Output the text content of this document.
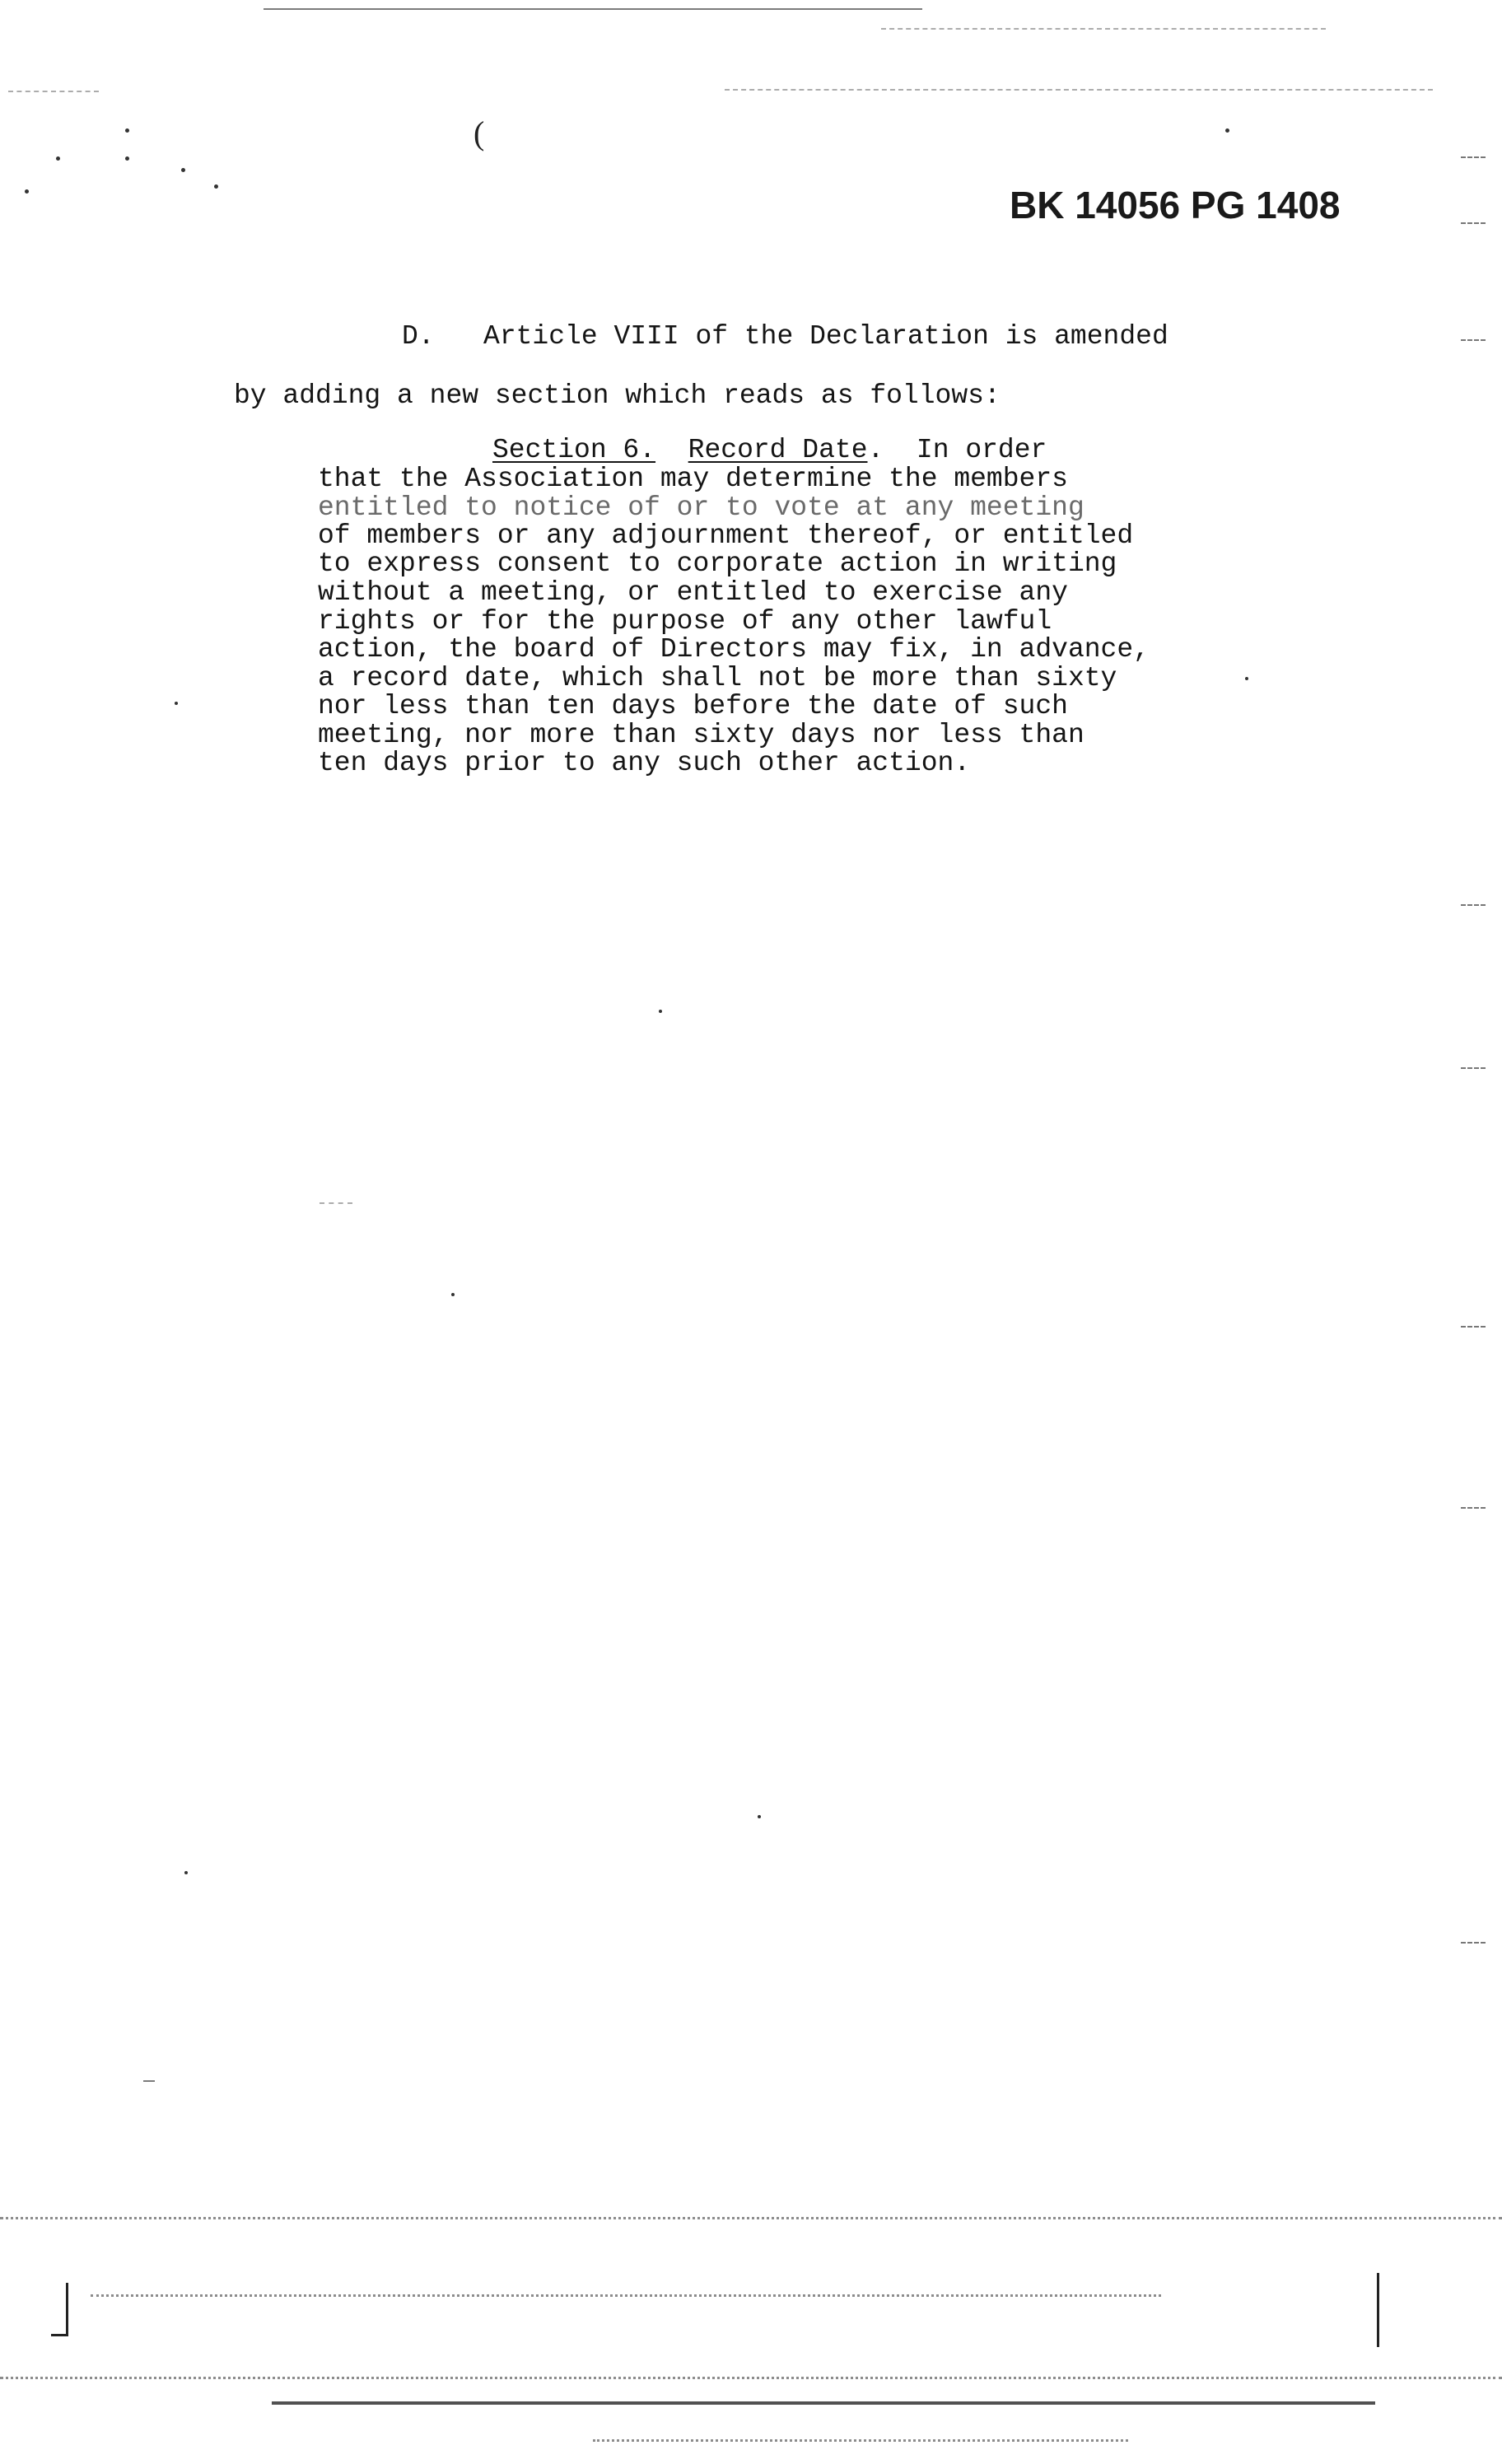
(
BK 14056 PG 1408
D.   Article VIII of the Declaration is amended
by adding a new section which reads as follows:
Section 6. Record Date.  In order
that the Association may determine the members
entitled to notice of or to vote at any meeting
of members or any adjournment thereof, or entitled
to express consent to corporate action in writing
without a meeting, or entitled to exercise any
rights or for the purpose of any other lawful
action, the board of Directors may fix, in advance,
a record date, which shall not be more than sixty
nor less than ten days before the date of such
meeting, nor more than sixty days nor less than
ten days prior to any such other action.
